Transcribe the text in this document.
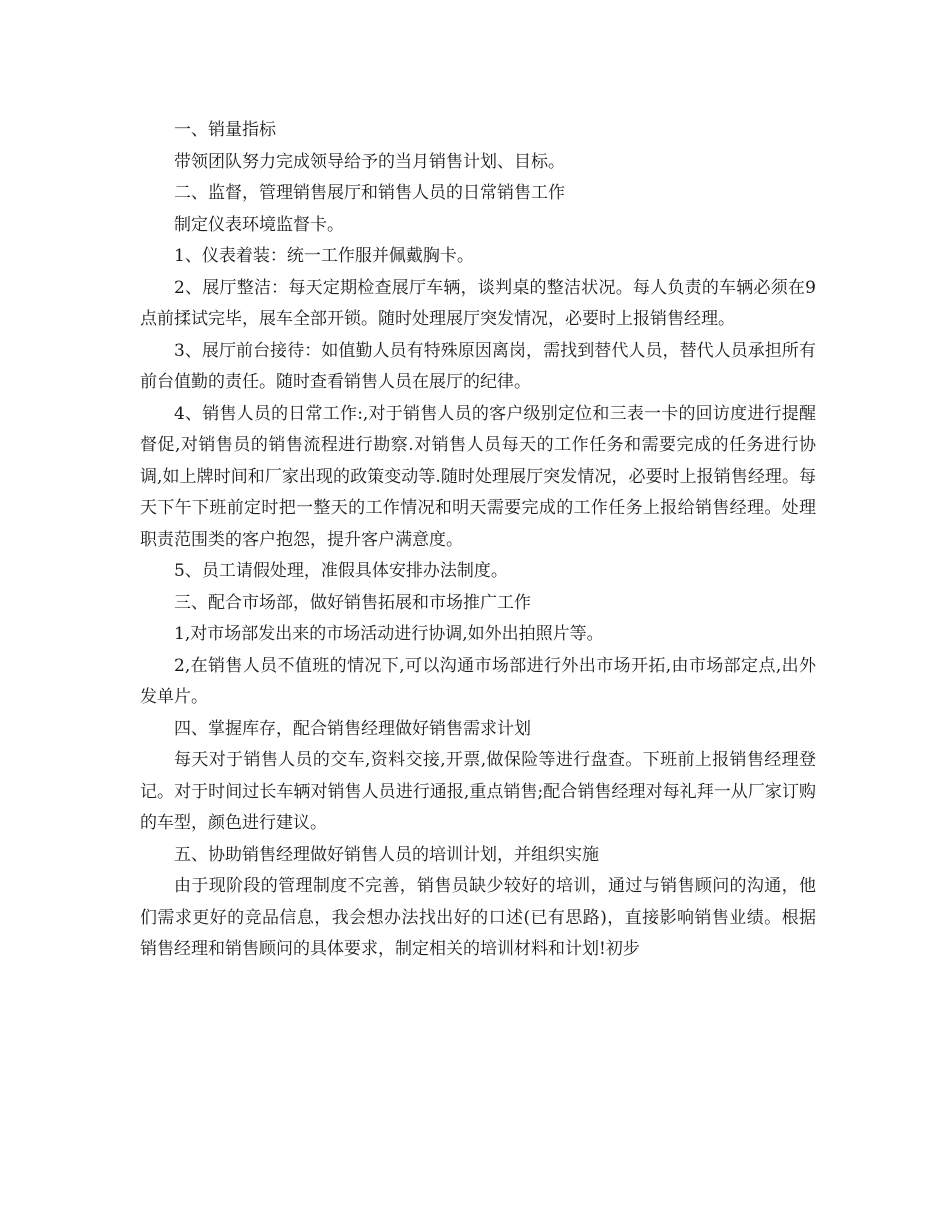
一、销量指标

带领团队努力完成领导给予的当月销售计划、目标。

二、监督，管理销售展厅和销售人员的日常销售工作

制定仪表环境监督卡。

1、仪表着装：统一工作服并佩戴胸卡。

2、展厅整洁：每天定期检查展厅车辆，谈判桌的整洁状况。每人负责的车辆必须在9点前揉试完毕，展车全部开锁。随时处理展厅突发情况，必要时上报销售经理。

3、展厅前台接待：如值勤人员有特殊原因离岗，需找到替代人员，替代人员承担所有前台值勤的责任。随时查看销售人员在展厅的纪律。

4、销售人员的日常工作:,对于销售人员的客户级别定位和三表一卡的回访度进行提醒督促,对销售员的销售流程进行勘察.对销售人员每天的工作任务和需要完成的任务进行协调,如上牌时间和厂家出现的政策变动等.随时处理展厅突发情况，必要时上报销售经理。每天下午下班前定时把一整天的工作情况和明天需要完成的工作任务上报给销售经理。处理职责范围类的客户抱怨，提升客户满意度。

5、员工请假处理，准假具体安排办法制度。

三、配合市场部，做好销售拓展和市场推广工作

1,对市场部发出来的市场活动进行协调,如外出拍照片等。

2,在销售人员不值班的情况下,可以沟通市场部进行外出市场开拓,由市场部定点,出外发单片。

四、掌握库存，配合销售经理做好销售需求计划

每天对于销售人员的交车,资料交接,开票,做保险等进行盘查。下班前上报销售经理登记。对于时间过长车辆对销售人员进行通报,重点销售;配合销售经理对每礼拜一从厂家订购的车型，颜色进行建议。

五、协助销售经理做好销售人员的培训计划，并组织实施

由于现阶段的管理制度不完善，销售员缺少较好的培训，通过与销售顾问的沟通，他们需求更好的竞品信息，我会想办法找出好的口述(已有思路)，直接影响销售业绩。根据销售经理和销售顾问的具体要求，制定相关的培训材料和计划!初步
